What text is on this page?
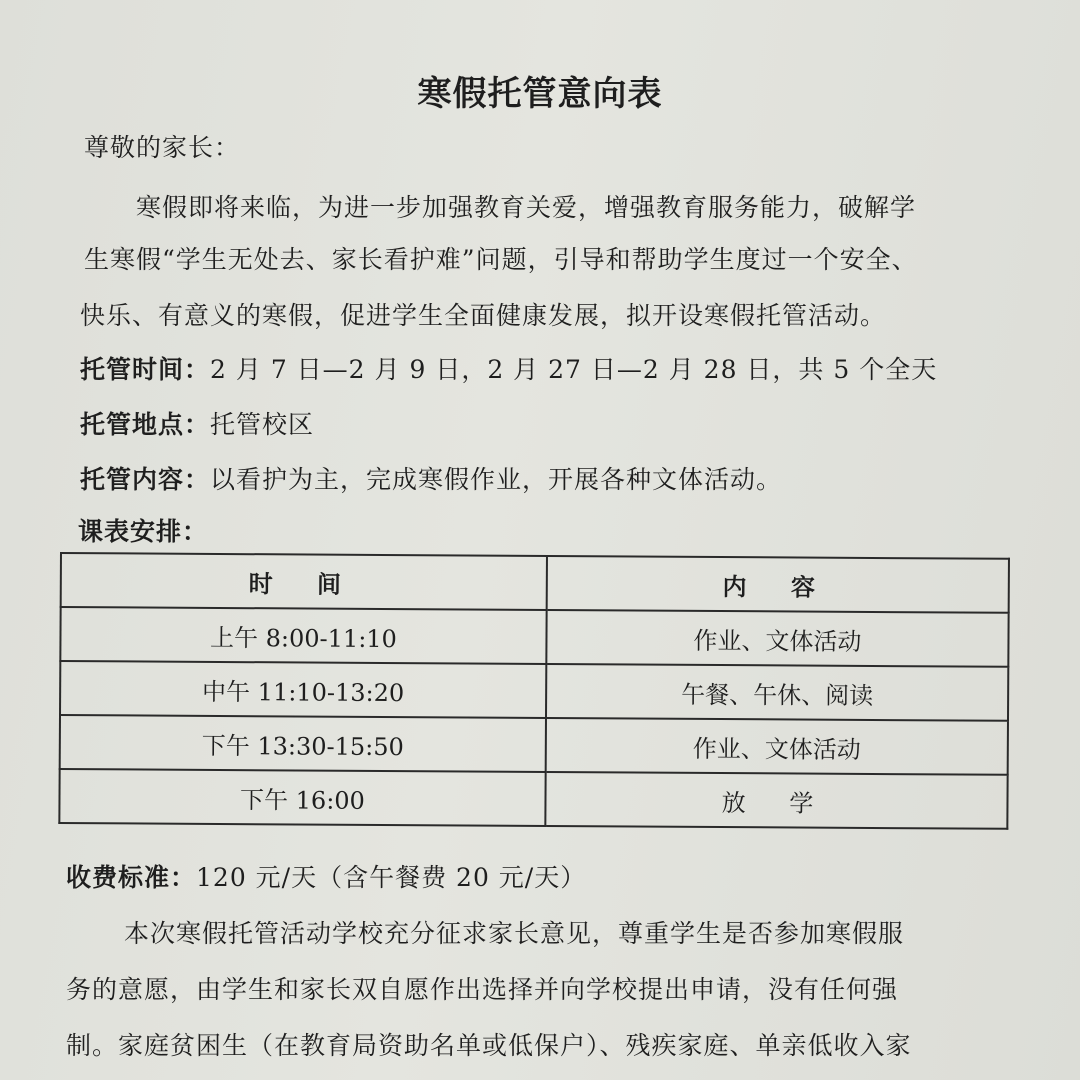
寒假托管意向表
尊敬的家长：
寒假即将来临，为进一步加强教育关爱，增强教育服务能力，破解学
生寒假“学生无处去、家长看护难”问题，引导和帮助学生度过一个安全、
快乐、有意义的寒假，促进学生全面健康发展，拟开设寒假托管活动。
托管时间：2 月 7 日—2 月 9 日，2 月 27 日—2 月 28 日，共 5 个全天
托管地点：托管校区
托管内容：以看护为主，完成寒假作业，开展各种文体活动。
课表安排：
时 间	内 容
上午 8:00-11:10	作业、文体活动
中午 11:10-13:20	午餐、午休、阅读
下午 13:30-15:50	作业、文体活动
下午 16:00	放 学
收费标准：120 元/天（含午餐费 20 元/天）
本次寒假托管活动学校充分征求家长意见，尊重学生是否参加寒假服
务的意愿，由学生和家长双自愿作出选择并向学校提出申请，没有任何强
制。家庭贫困生（在教育局资助名单或低保户）、残疾家庭、单亲低收入家
